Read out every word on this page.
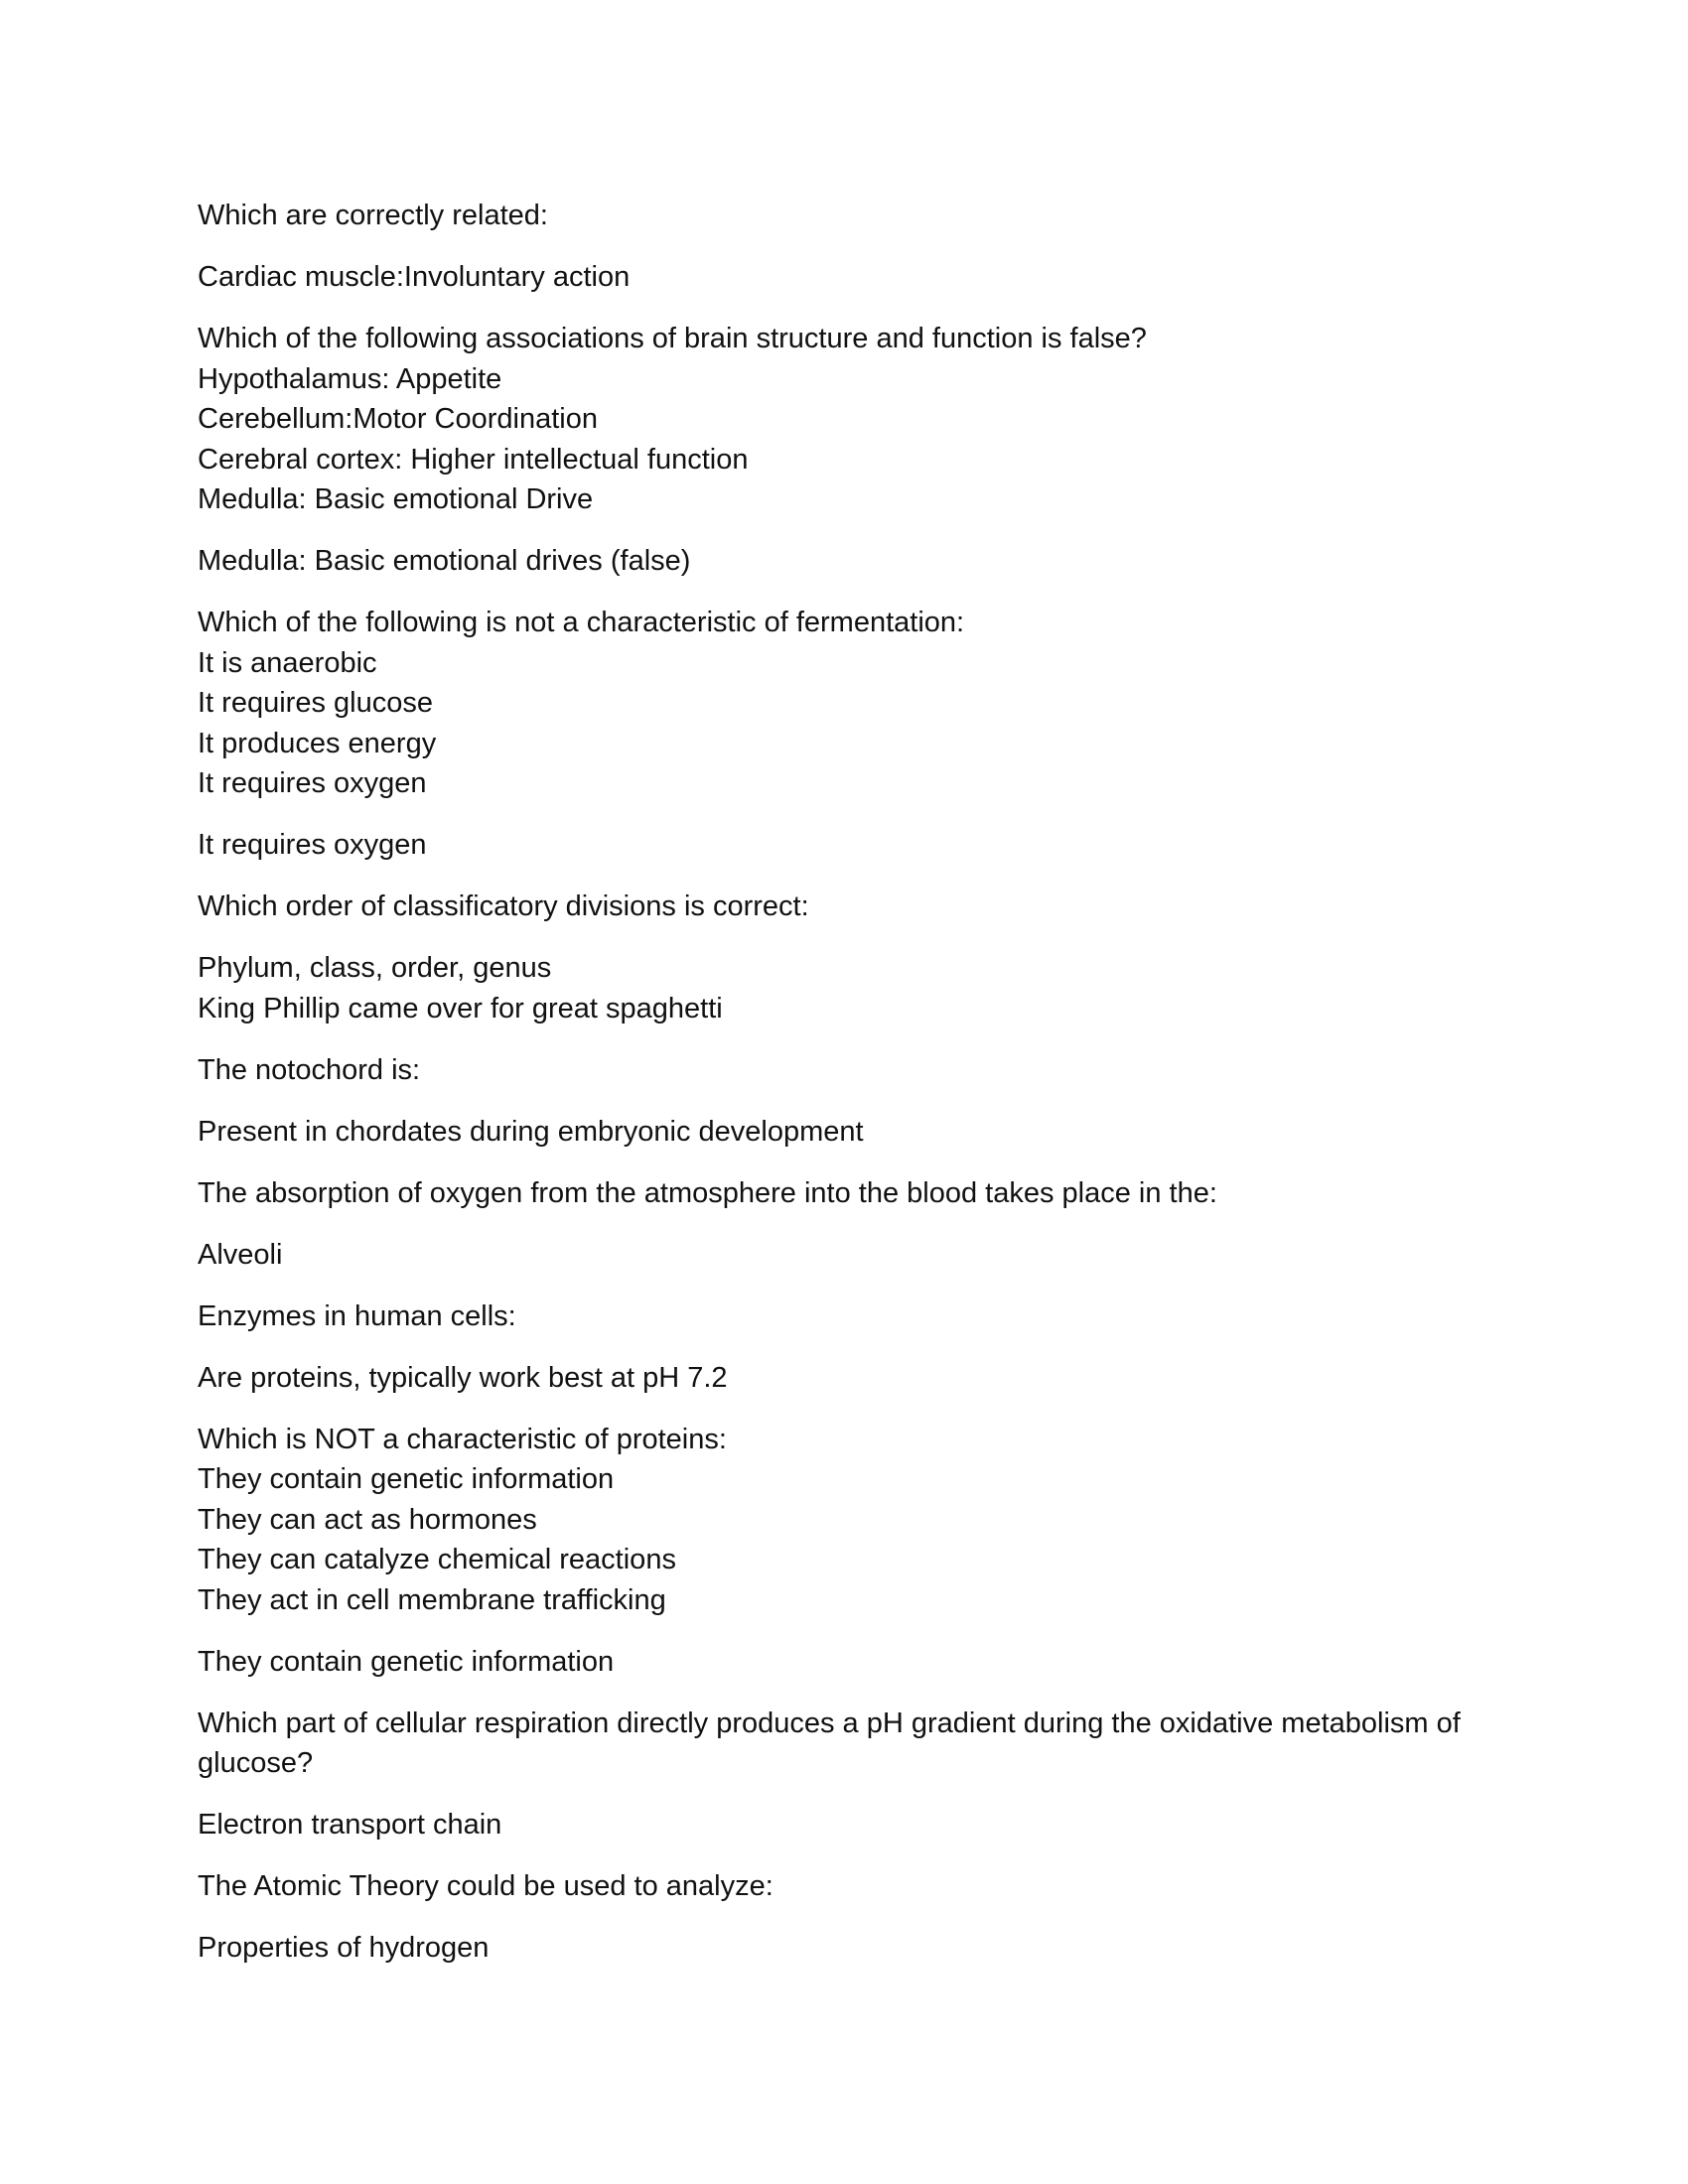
Which are correctly related:
Cardiac muscle:Involuntary action
Which of the following associations of brain structure and function is false?
Hypothalamus: Appetite
Cerebellum:Motor Coordination
Cerebral cortex: Higher intellectual function
Medulla: Basic emotional Drive
Medulla: Basic emotional drives (false)
Which of the following is not a characteristic of fermentation:
It is anaerobic
It requires glucose
It produces energy
It requires oxygen
It requires oxygen
Which order of classificatory divisions is correct:
Phylum, class, order, genus
King Phillip came over for great spaghetti
The notochord is:
Present in chordates during embryonic development
The absorption of oxygen from the atmosphere into the blood takes place in the:
Alveoli
Enzymes in human cells:
Are proteins, typically work best at pH 7.2
Which is NOT a characteristic of proteins:
They contain genetic information
They can act as hormones
They can catalyze chemical reactions
They act in cell membrane trafficking
They contain genetic information
Which part of cellular respiration directly produces a pH gradient during the oxidative metabolism of
glucose?
Electron transport chain
The Atomic Theory could be used to analyze:
Properties of hydrogen
